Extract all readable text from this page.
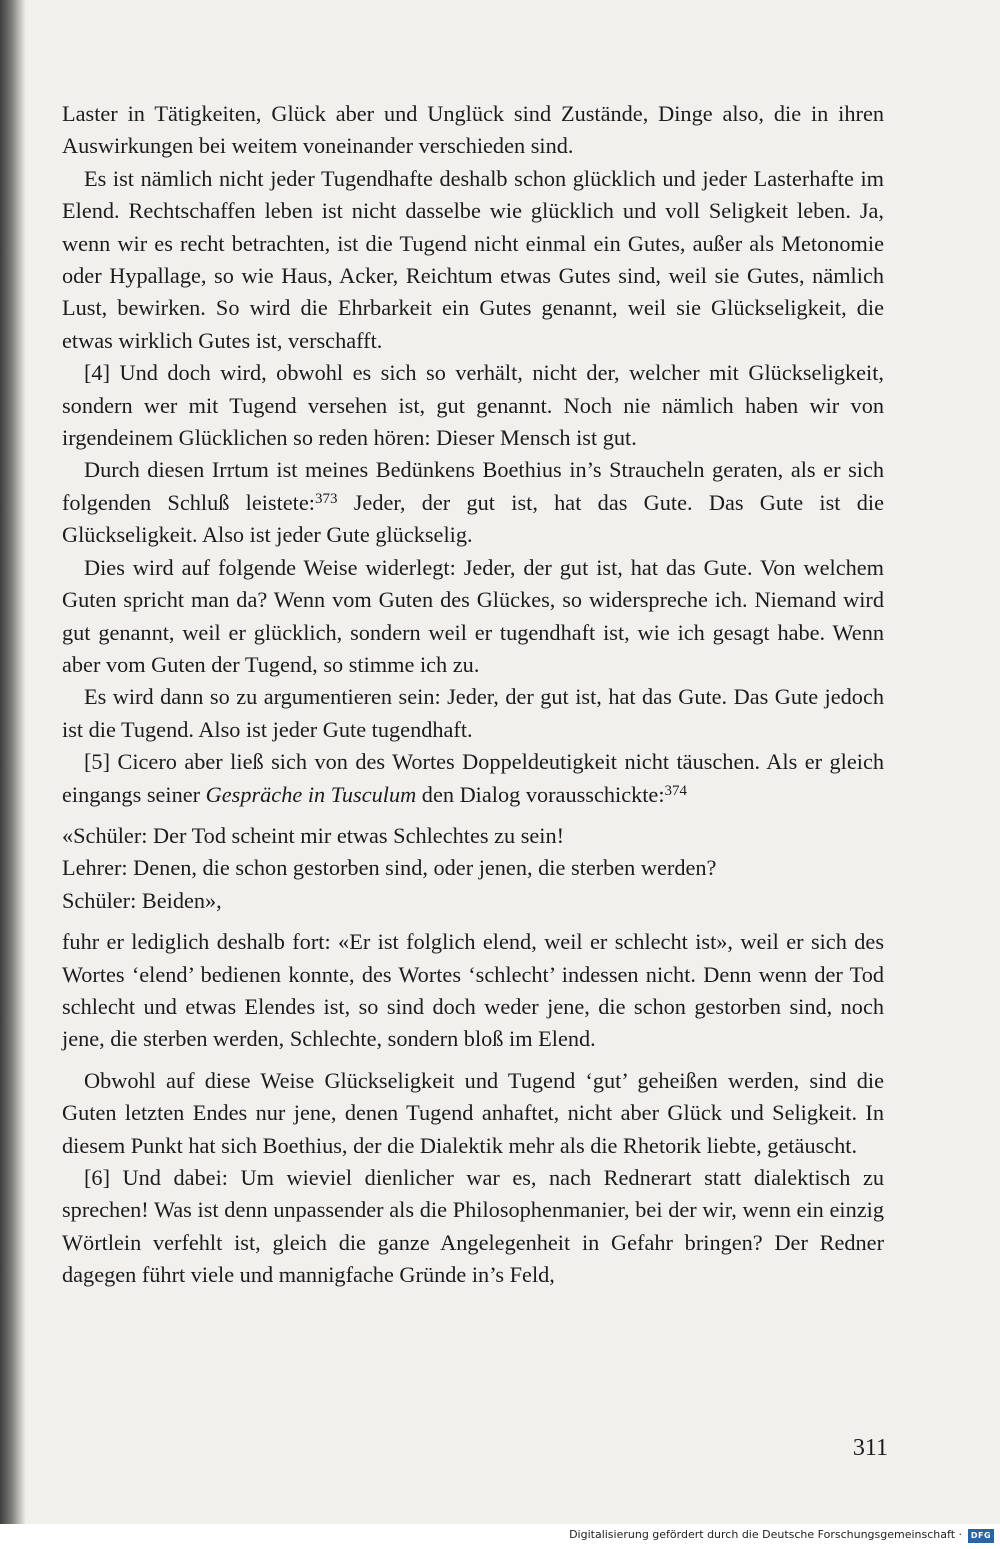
Laster in Tätigkeiten, Glück aber und Unglück sind Zustände, Dinge also, die in ihren Auswirkungen bei weitem voneinander verschieden sind.

Es ist nämlich nicht jeder Tugendhafte deshalb schon glücklich und jeder Lasterhafte im Elend. Rechtschaffen leben ist nicht dasselbe wie glücklich und voll Seligkeit leben. Ja, wenn wir es recht betrachten, ist die Tugend nicht einmal ein Gutes, außer als Metonomie oder Hypallage, so wie Haus, Acker, Reichtum etwas Gutes sind, weil sie Gutes, nämlich Lust, bewirken. So wird die Ehrbarkeit ein Gutes genannt, weil sie Glückseligkeit, die etwas wirklich Gutes ist, verschafft.

[4] Und doch wird, obwohl es sich so verhält, nicht der, welcher mit Glückseligkeit, sondern wer mit Tugend versehen ist, gut genannt. Noch nie nämlich haben wir von irgendeinem Glücklichen so reden hören: Dieser Mensch ist gut.

Durch diesen Irrtum ist meines Bedünkens Boethius in’s Straucheln geraten, als er sich folgenden Schluß leistete:$^{373}$ Jeder, der gut ist, hat das Gute. Das Gute ist die Glückseligkeit. Also ist jeder Gute glückselig.

Dies wird auf folgende Weise widerlegt: Jeder, der gut ist, hat das Gute. Von welchem Guten spricht man da? Wenn vom Guten des Glückes, so widerspreche ich. Niemand wird gut genannt, weil er glücklich, sondern weil er tugendhaft ist, wie ich gesagt habe. Wenn aber vom Guten der Tugend, so stimme ich zu.

Es wird dann so zu argumentieren sein: Jeder, der gut ist, hat das Gute. Das Gute jedoch ist die Tugend. Also ist jeder Gute tugendhaft.

[5] Cicero aber ließ sich von des Wortes Doppeldeutigkeit nicht täuschen. Als er gleich eingangs seiner Gespräche in Tusculum den Dialog vorausschickte:$^{374}$

«Schüler: Der Tod scheint mir etwas Schlechtes zu sein!
Lehrer: Denen, die schon gestorben sind, oder jenen, die sterben werden?
Schüler: Beiden»,

fuhr er lediglich deshalb fort: «Er ist folglich elend, weil er schlecht ist», weil er sich des Wortes ‘elend’ bedienen konnte, des Wortes ‘schlecht’ indessen nicht. Denn wenn der Tod schlecht und etwas Elendes ist, so sind doch weder jene, die schon gestorben sind, noch jene, die sterben werden, Schlechte, sondern bloß im Elend.

Obwohl auf diese Weise Glückseligkeit und Tugend ‘gut’ geheißen werden, sind die Guten letzten Endes nur jene, denen Tugend anhaftet, nicht aber Glück und Seligkeit. In diesem Punkt hat sich Boethius, der die Dialektik mehr als die Rhetorik liebte, getäuscht.

[6] Und dabei: Um wieviel dienlicher war es, nach Rednerart statt dialektisch zu sprechen! Was ist denn unpassender als die Philosophenmanier, bei der wir, wenn ein einzig Wörtlein verfehlt ist, gleich die ganze Angelegenheit in Gefahr bringen? Der Redner dagegen führt viele und mannigfache Gründe in’s Feld,

311
Digitalisierung gefördert durch die Deutsche Forschungsgemeinschaft ·	DFG
